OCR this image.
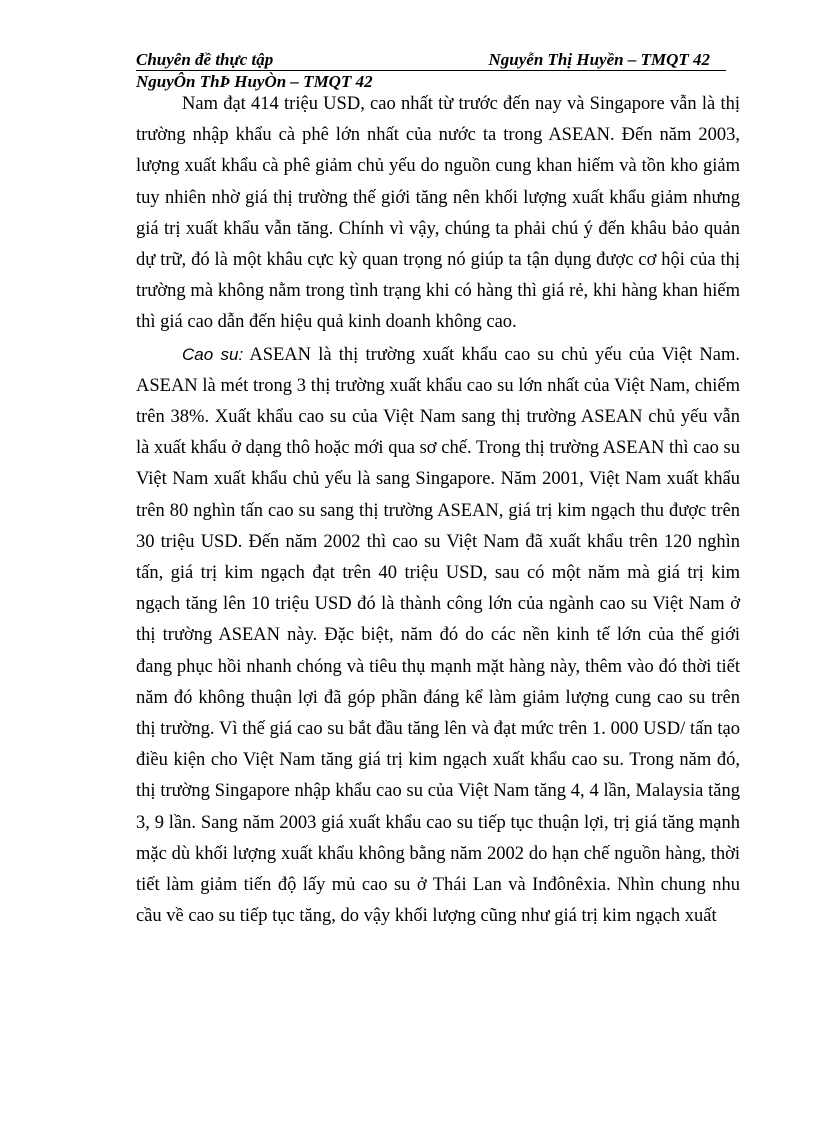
Chuyên đề thực tập	Nguyễn Thị Huyền – TMQT 42
NguyÔn ThÞ HuyÒn – TMQT 42

Nam đạt 414 triệu USD, cao nhất từ trước đến nay và Singapore vẫn là thị trường nhập khẩu cà phê lớn nhất của nước ta trong ASEAN. Đến năm 2003, lượng xuất khẩu cà phê giảm chủ yếu do nguồn cung khan hiếm và tồn kho giảm tuy nhiên nhờ giá thị trường thế giới tăng nên khối lượng xuất khẩu giảm nhưng giá trị xuất khẩu vẫn tăng. Chính vì vậy, chúng ta phải chú ý đến khâu bảo quản dự trữ, đó là một khâu cực kỳ quan trọng nó giúp ta tận dụng được cơ hội của thị trường mà không nằm trong tình trạng khi có hàng thì giá rẻ, khi hàng khan hiếm thì giá cao dẫn đến hiệu quả kinh doanh không cao.

Cao su: ASEAN là thị trường xuất khẩu cao su chủ yếu của Việt Nam. ASEAN là mét trong 3 thị trường xuất khẩu cao su lớn nhất của Việt Nam, chiếm trên 38%. Xuất khẩu cao su của Việt Nam sang thị trường ASEAN chủ yếu vẫn là xuất khẩu ở dạng thô hoặc mới qua sơ chế. Trong thị trường ASEAN thì cao su Việt Nam xuất khẩu chủ yếu là sang Singapore. Năm 2001, Việt Nam xuất khẩu trên 80 nghìn tấn cao su sang thị trường ASEAN, giá trị kim ngạch thu được trên 30 triệu USD. Đến năm 2002 thì cao su Việt Nam đã xuất khẩu trên 120 nghìn tấn, giá trị kim ngạch đạt trên 40 triệu USD, sau có một năm mà giá trị kim ngạch tăng lên 10 triệu USD đó là thành công lớn của ngành cao su Việt Nam ở thị trường ASEAN này. Đặc biệt, năm đó do các nền kinh tế lớn của thế giới đang phục hồi nhanh chóng và tiêu thụ mạnh mặt hàng này, thêm vào đó thời tiết năm đó không thuận lợi đã góp phần đáng kể làm giảm lượng cung cao su trên thị trường. Vì thế giá cao su bắt đầu tăng lên và đạt mức trên 1. 000 USD/ tấn tạo điều kiện cho Việt Nam tăng giá trị kim ngạch xuất khẩu cao su. Trong năm đó, thị trường Singapore nhập khẩu cao su của Việt Nam tăng 4, 4 lần, Malaysia tăng 3, 9 lần. Sang năm 2003 giá xuất khẩu cao su tiếp tục thuận lợi, trị giá tăng mạnh mặc dù khối lượng xuất khẩu không bằng năm 2002 do hạn chế nguồn hàng, thời tiết làm giảm tiến độ lấy mủ cao su ở Thái Lan và Inđônêxia. Nhìn chung nhu cầu về cao su tiếp tục tăng, do vậy khối lượng cũng như giá trị kim ngạch xuất
